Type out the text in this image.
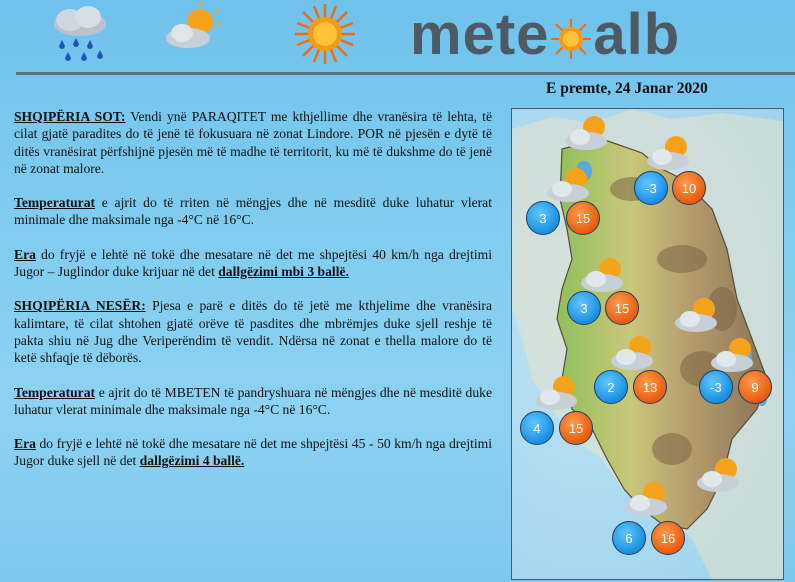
mete alb
E premte, 24 Janar 2020

SHQIPËRIA SOT: Vendi ynë PARAQITET me kthjellime dhe vranësira të lehta, të cilat gjatë paradites do të jenë të fokusuara në zonat Lindore. POR në pjesën e dytë të ditës vranësirat përfshijnë pjesën më të madhe të territorit, ku më të dukshme do të jenë në zonat malore.

Temperaturat e ajrit do të rriten në mëngjes dhe në mesditë duke luhatur vlerat minimale dhe maksimale nga -4°C në 16°C.

Era do fryjë e lehtë në tokë dhe mesatare në det me shpejtësi 40 km/h nga drejtimi Jugor – Juglindor duke krijuar në det dallgëzimi mbi 3 ballë.

SHQIPËRIA NESËR: Pjesa e parë e ditës do të jetë me kthjelime dhe vranësira kalimtare, të cilat shtohen gjatë orëve të pasdites dhe mbrëmjes duke sjell reshje të pakta shiu në Jug dhe Veriperëndim të vendit. Ndërsa në zonat e thella malore do të ketë shfaqje të dëborës.

Temperaturat e ajrit do të MBETEN të pandryshuara në mëngjes dhe në mesditë duke luhatur vlerat minimale dhe maksimale nga -4°C në 16°C.

Era do fryjë e lehtë në tokë dhe mesatare në det me shpejtësi 45 - 50 km/h nga drejtimi Jugor duke sjell në det dallgëzimi 4 ballë.

-3	10
3	15
3	15
2	13	-3	9
4	15
6	16
